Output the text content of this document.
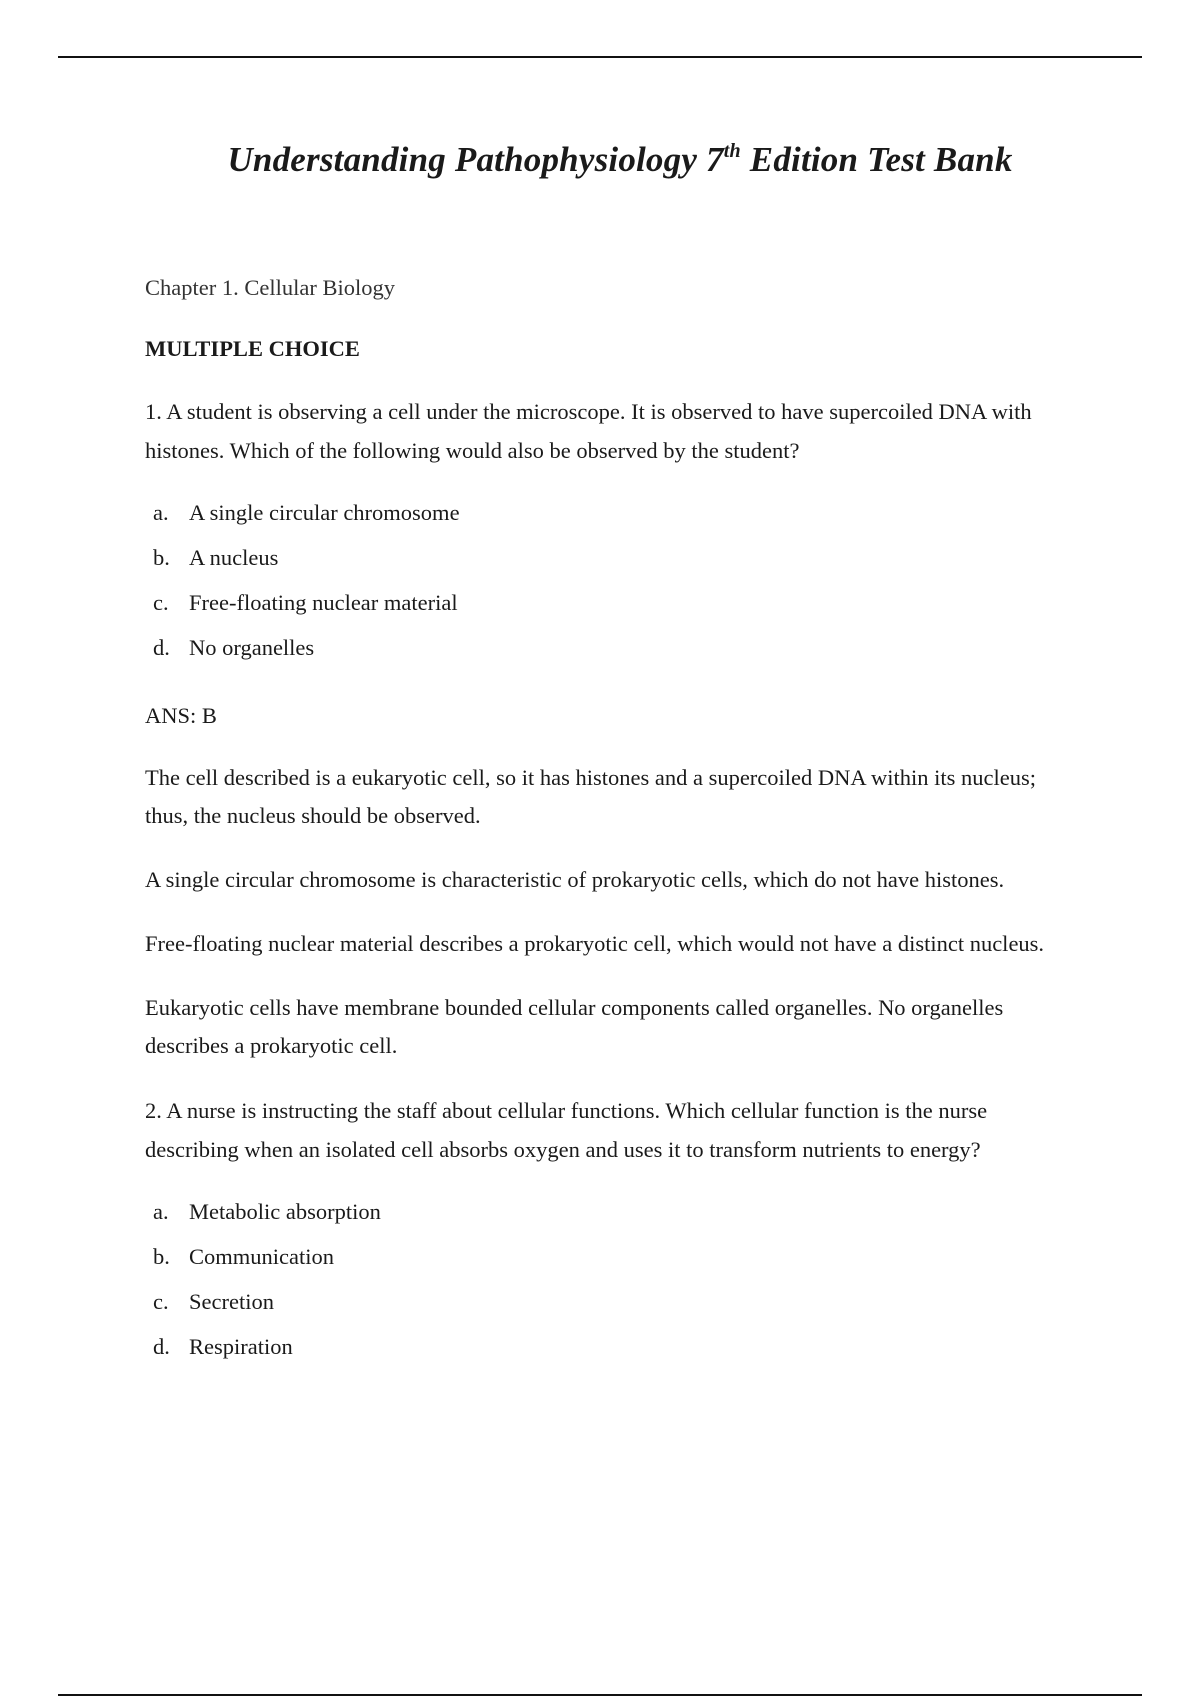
Understanding Pathophysiology 7th Edition Test Bank
Chapter 1. Cellular Biology
MULTIPLE CHOICE
1. A student is observing a cell under the microscope. It is observed to have supercoiled DNA with histones. Which of the following would also be observed by the student?
a. A single circular chromosome
b. A nucleus
c. Free-floating nuclear material
d. No organelles
ANS: B
The cell described is a eukaryotic cell, so it has histones and a supercoiled DNA within its nucleus; thus, the nucleus should be observed.
A single circular chromosome is characteristic of prokaryotic cells, which do not have histones.
Free-floating nuclear material describes a prokaryotic cell, which would not have a distinct nucleus.
Eukaryotic cells have membrane bounded cellular components called organelles. No organelles describes a prokaryotic cell.
2. A nurse is instructing the staff about cellular functions. Which cellular function is the nurse describing when an isolated cell absorbs oxygen and uses it to transform nutrients to energy?
a. Metabolic absorption
b. Communication
c. Secretion
d. Respiration
